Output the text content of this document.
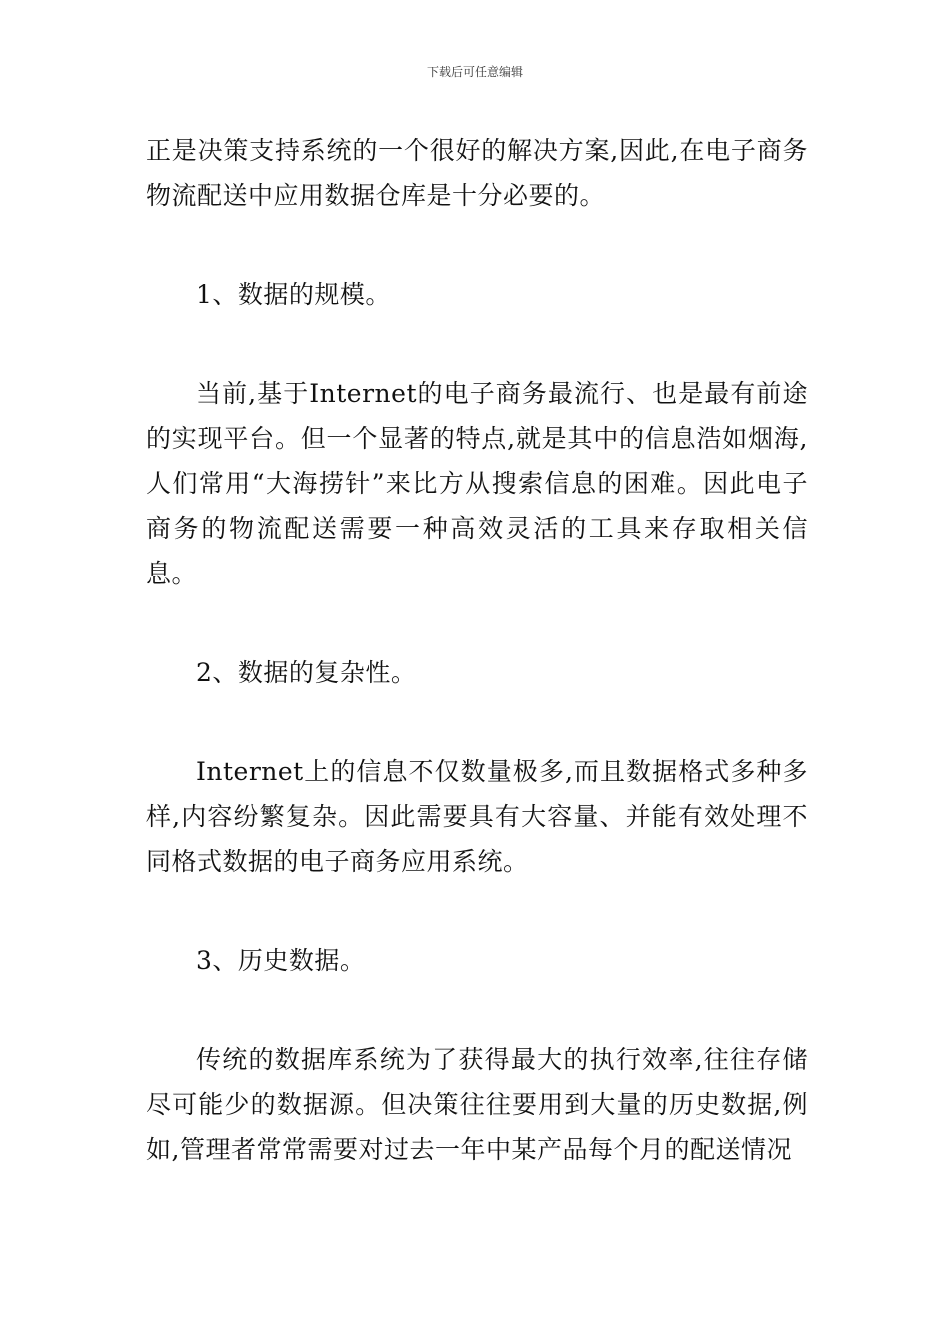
下载后可任意编辑

正是决策支持系统的一个很好的解决方案,因此,在电子商务物流配送中应用数据仓库是十分必要的。

1、数据的规模。

当前,基于Internet的电子商务最流行、也是最有前途的实现平台。但一个显著的特点,就是其中的信息浩如烟海,人们常用“大海捞针”来比方从搜索信息的困难。因此电子商务的物流配送需要一种高效灵活的工具来存取相关信息。

2、数据的复杂性。

Internet上的信息不仅数量极多,而且数据格式多种多样,内容纷繁复杂。因此需要具有大容量、并能有效处理不同格式数据的电子商务应用系统。

3、历史数据。

传统的数据库系统为了获得最大的执行效率,往往存储尽可能少的数据源。但决策往往要用到大量的历史数据,例如,管理者常常需要对过去一年中某产品每个月的配送情况
